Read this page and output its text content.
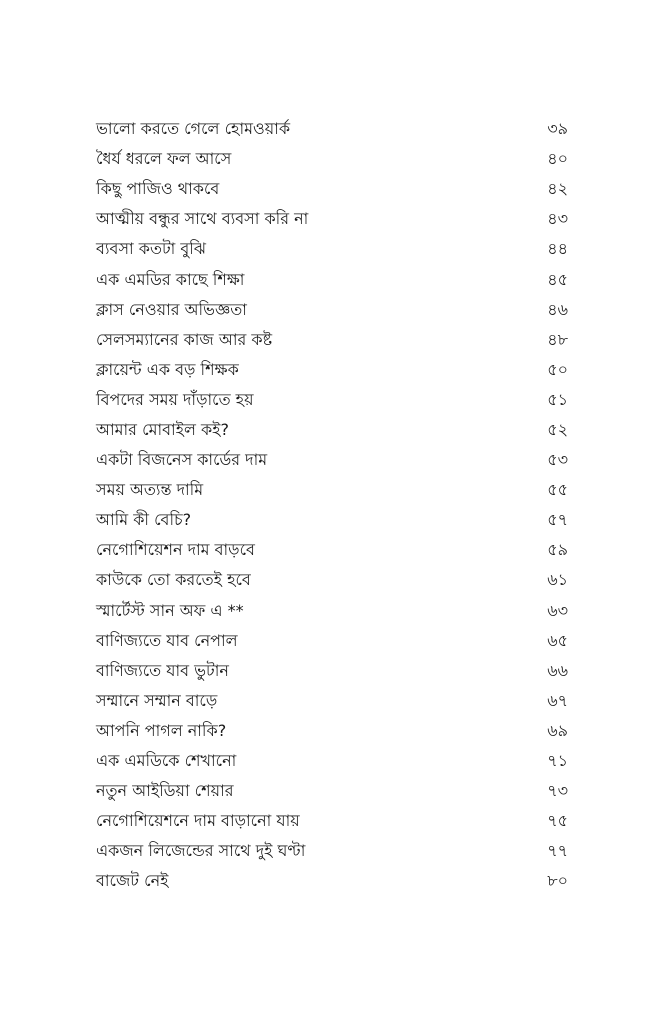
ভালো করতে গেলে হোমওয়ার্ক	৩৯
ধৈর্য ধরলে ফল আসে	৪০
কিছু পাজিও থাকবে	৪২
আত্মীয় বন্ধুর সাথে ব্যবসা করি না	৪৩
ব্যবসা কতটা বুঝি	৪৪
এক এমডির কাছে শিক্ষা	৪৫
ক্লাস নেওয়ার অভিজ্ঞতা	৪৬
সেলসম্যানের কাজ আর কষ্ট	৪৮
ক্লায়েন্ট এক বড় শিক্ষক	৫০
বিপদের সময় দাঁড়াতে হয়	৫১
আমার মোবাইল কই?	৫২
একটা বিজনেস কার্ডের দাম	৫৩
সময় অত্যন্ত দামি	৫৫
আমি কী বেচি?	৫৭
নেগোশিয়েশন দাম বাড়বে	৫৯
কাউকে তো করতেই হবে	৬১
স্মার্টেস্ট সান অফ এ **	৬৩
বাণিজ্যতে যাব নেপাল	৬৫
বাণিজ্যতে যাব ভুটান	৬৬
সম্মানে সম্মান বাড়ে	৬৭
আপনি পাগল নাকি?	৬৯
এক এমডিকে শেখানো	৭১
নতুন আইডিয়া শেয়ার	৭৩
নেগোশিয়েশনে দাম বাড়ানো যায়	৭৫
একজন লিজেন্ডের সাথে দুই ঘণ্টা	৭৭
বাজেট নেই	৮০
